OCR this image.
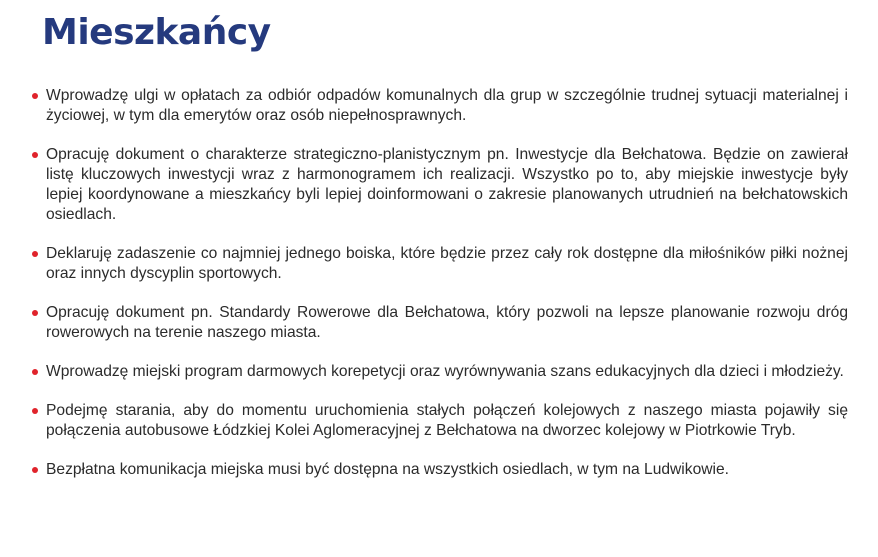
Mieszkańcy
Wprowadzę ulgi w opłatach za odbiór odpadów komunalnych dla grup w szczególnie trudnej sytuacji materialnej i życiowej, w tym dla emerytów oraz osób niepełnosprawnych.
Opracuję dokument o charakterze strategiczno-planistycznym pn. Inwestycje dla Bełchatowa. Będzie on zawierał listę kluczowych inwestycji wraz z harmonogramem ich realizacji. Wszystko po to, aby miejskie inwestycje były lepiej koordynowane a mieszkańcy byli lepiej doinformowani o zakresie planowanych utrudnień na bełchatowskich osiedlach.
Deklaruję zadaszenie co najmniej jednego boiska, które będzie przez cały rok dostępne dla miłośników piłki nożnej oraz innych dyscyplin sportowych.
Opracuję dokument pn. Standardy Rowerowe dla Bełchatowa, który pozwoli na lepsze planowanie rozwoju dróg rowerowych na terenie naszego miasta.
Wprowadzę miejski program darmowych korepetycji oraz wyrównywania szans edukacyjnych dla dzieci i młodzieży.
Podejmę starania, aby do momentu uruchomienia stałych połączeń kolejowych z naszego miasta pojawiły się połączenia autobusowe Łódzkiej Kolei Aglomeracyjnej z Bełchatowa na dworzec kolejowy w Piotrkowie Tryb.
Bezpłatna komunikacja miejska musi być dostępna na wszystkich osiedlach, w tym na Ludwikowie.
